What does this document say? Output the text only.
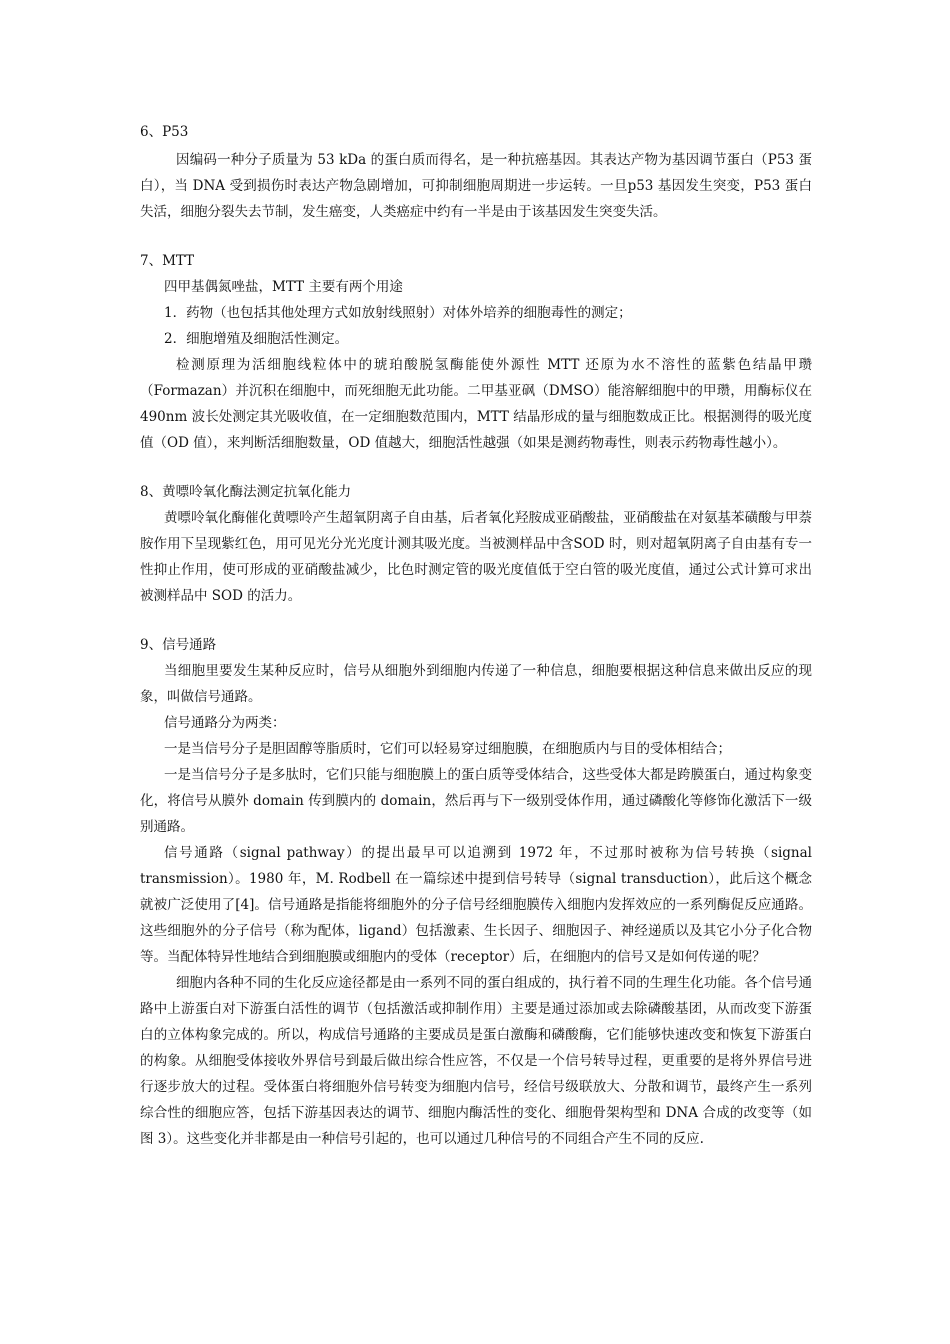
6、P53

因编码一种分子质量为 53 kDa 的蛋白质而得名，是一种抗癌基因。其表达产物为基因调节蛋白（P53 蛋白），当 DNA 受到损伤时表达产物急剧增加，可抑制细胞周期进一步运转。一旦p53 基因发生突变，P53 蛋白失活，细胞分裂失去节制，发生癌变，人类癌症中约有一半是由于该基因发生突变失活。

7、MTT

四甲基偶氮唑盐，MTT 主要有两个用途

1．药物（也包括其他处理方式如放射线照射）对体外培养的细胞毒性的测定；

2．细胞增殖及细胞活性测定。

检测原理为活细胞线粒体中的琥珀酸脱氢酶能使外源性 MTT 还原为水不溶性的蓝紫色结晶甲瓒（Formazan）并沉积在细胞中，而死细胞无此功能。二甲基亚砜（DMSO）能溶解细胞中的甲瓒，用酶标仪在 490nm 波长处测定其光吸收值，在一定细胞数范围内，MTT 结晶形成的量与细胞数成正比。根据测得的吸光度值（OD 值），来判断活细胞数量，OD 值越大，细胞活性越强（如果是测药物毒性，则表示药物毒性越小）。

8、黄嘌呤氧化酶法测定抗氧化能力

黄嘌呤氧化酶催化黄嘌呤产生超氧阴离子自由基，后者氧化羟胺成亚硝酸盐，亚硝酸盐在对氨基苯磺酸与甲萘胺作用下呈现紫红色，用可见光分光光度计测其吸光度。当被测样品中含SOD 时，则对超氧阴离子自由基有专一性抑止作用，使可形成的亚硝酸盐减少，比色时测定管的吸光度值低于空白管的吸光度值，通过公式计算可求出被测样品中 SOD 的活力。

9、信号通路

当细胞里要发生某种反应时，信号从细胞外到细胞内传递了一种信息，细胞要根据这种信息来做出反应的现象，叫做信号通路。

信号通路分为两类：

一是当信号分子是胆固醇等脂质时，它们可以轻易穿过细胞膜，在细胞质内与目的受体相结合；

一是当信号分子是多肽时，它们只能与细胞膜上的蛋白质等受体结合，这些受体大都是跨膜蛋白，通过构象变化，将信号从膜外 domain 传到膜内的 domain，然后再与下一级别受体作用，通过磷酸化等修饰化激活下一级别通路。

信号通路（signal pathway）的提出最早可以追溯到 1972 年，不过那时被称为信号转换（signal transmission）。1980 年，M. Rodbell 在一篇综述中提到信号转导（signal transduction），此后这个概念就被广泛使用了[4]。信号通路是指能将细胞外的分子信号经细胞膜传入细胞内发挥效应的一系列酶促反应通路。这些细胞外的分子信号（称为配体，ligand）包括激素、生长因子、细胞因子、神经递质以及其它小分子化合物等。当配体特异性地结合到细胞膜或细胞内的受体（receptor）后，在细胞内的信号又是如何传递的呢？

细胞内各种不同的生化反应途径都是由一系列不同的蛋白组成的，执行着不同的生理生化功能。各个信号通路中上游蛋白对下游蛋白活性的调节（包括激活或抑制作用）主要是通过添加或去除磷酸基团，从而改变下游蛋白的立体构象完成的。所以，构成信号通路的主要成员是蛋白激酶和磷酸酶，它们能够快速改变和恢复下游蛋白的构象。从细胞受体接收外界信号到最后做出综合性应答，不仅是一个信号转导过程，更重要的是将外界信号进行逐步放大的过程。受体蛋白将细胞外信号转变为细胞内信号，经信号级联放大、分散和调节，最终产生一系列综合性的细胞应答，包括下游基因表达的调节、细胞内酶活性的变化、细胞骨架构型和 DNA 合成的改变等（如图 3）。这些变化并非都是由一种信号引起的，也可以通过几种信号的不同组合产生不同的反应.
